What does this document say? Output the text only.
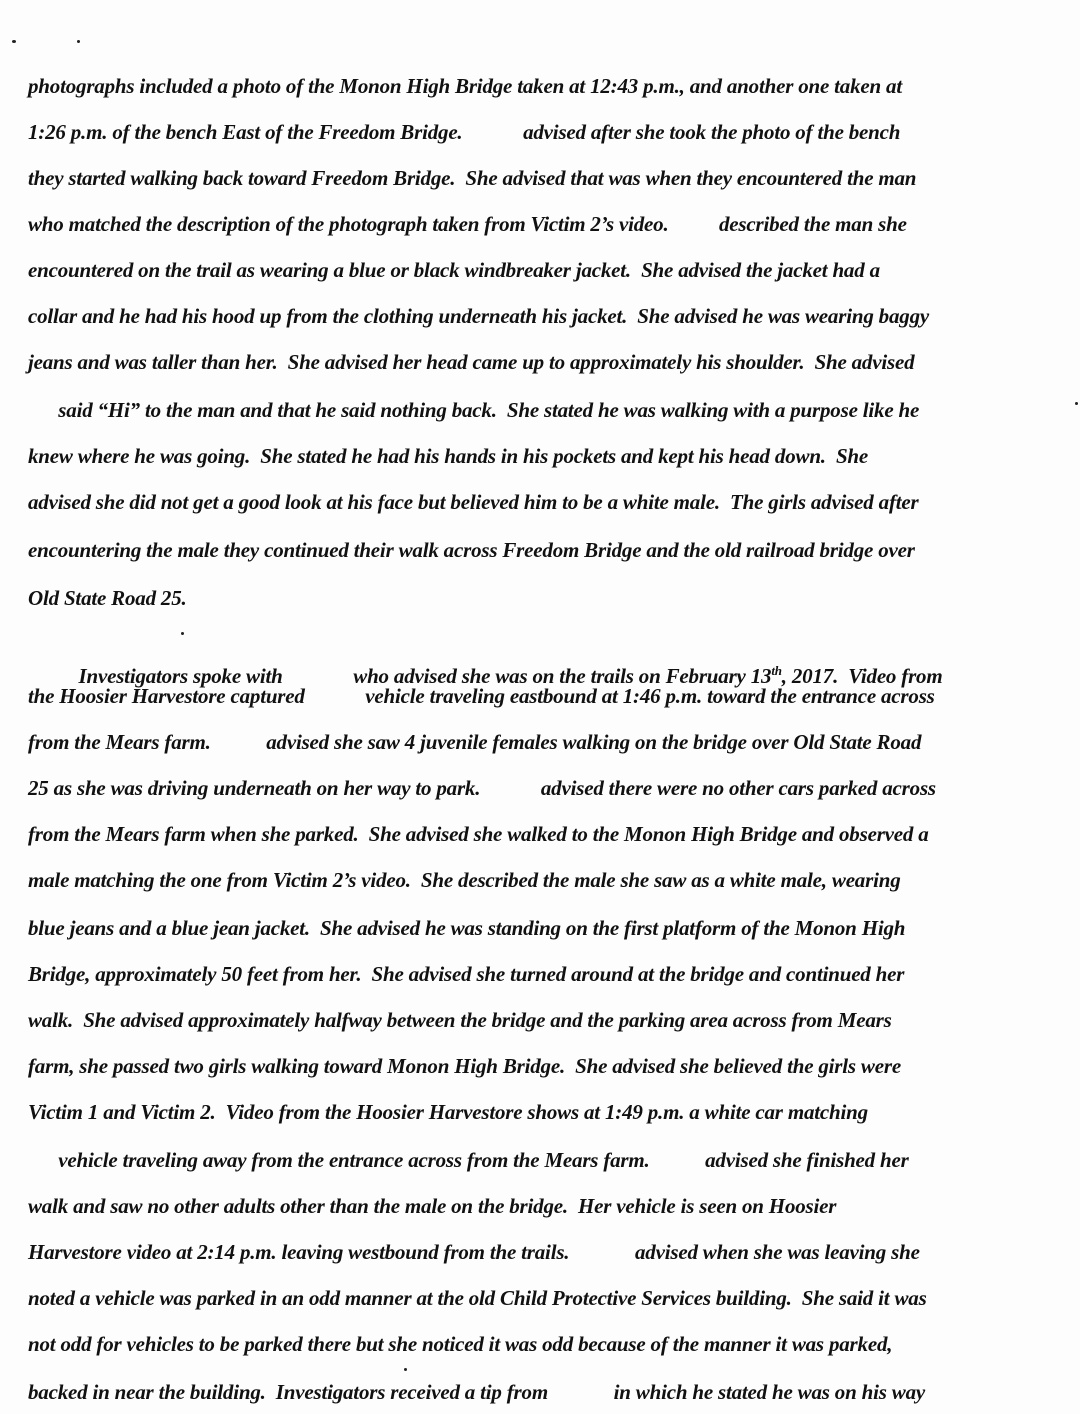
photographs included a photo of the Monon High Bridge taken at 12:43 p.m., and another one taken at
1:26 p.m. of the bench East of the Freedom Bridge.            advised after she took the photo of the bench
they started walking back toward Freedom Bridge.  She advised that was when they encountered the man
who matched the description of the photograph taken from Victim 2’s video.          described the man she
encountered on the trail as wearing a blue or black windbreaker jacket.  She advised the jacket had a
collar and he had his hood up from the clothing underneath his jacket.  She advised he was wearing baggy
jeans and was taller than her.  She advised her head came up to approximately his shoulder.  She advised
said “Hi” to the man and that he said nothing back.  She stated he was walking with a purpose like he
knew where he was going.  She stated he had his hands in his pockets and kept his head down.  She
advised she did not get a good look at his face but believed him to be a white male.  The girls advised after
encountering the male they continued their walk across Freedom Bridge and the old railroad bridge over
Old State Road 25.

Investigators spoke with              who advised she was on the trails on February 13th, 2017.  Video from

the Hoosier Harvestore captured            vehicle traveling eastbound at 1:46 p.m. toward the entrance across
from the Mears farm.           advised she saw 4 juvenile females walking on the bridge over Old State Road
25 as she was driving underneath on her way to park.            advised there were no other cars parked across
from the Mears farm when she parked.  She advised she walked to the Monon High Bridge and observed a
male matching the one from Victim 2’s video.  She described the male she saw as a white male, wearing
blue jeans and a blue jean jacket.  She advised he was standing on the first platform of the Monon High
Bridge, approximately 50 feet from her.  She advised she turned around at the bridge and continued her
walk.  She advised approximately halfway between the bridge and the parking area across from Mears
farm, she passed two girls walking toward Monon High Bridge.  She advised she believed the girls were
Victim 1 and Victim 2.  Video from the Hoosier Harvestore shows at 1:49 p.m. a white car matching
vehicle traveling away from the entrance across from the Mears farm.           advised she finished her
walk and saw no other adults other than the male on the bridge.  Her vehicle is seen on Hoosier
Harvestore video at 2:14 p.m. leaving westbound from the trails.             advised when she was leaving she
noted a vehicle was parked in an odd manner at the old Child Protective Services building.  She said it was
not odd for vehicles to be parked there but she noticed it was odd because of the manner it was parked,
backed in near the building.  Investigators received a tip from             in which he stated he was on his way
